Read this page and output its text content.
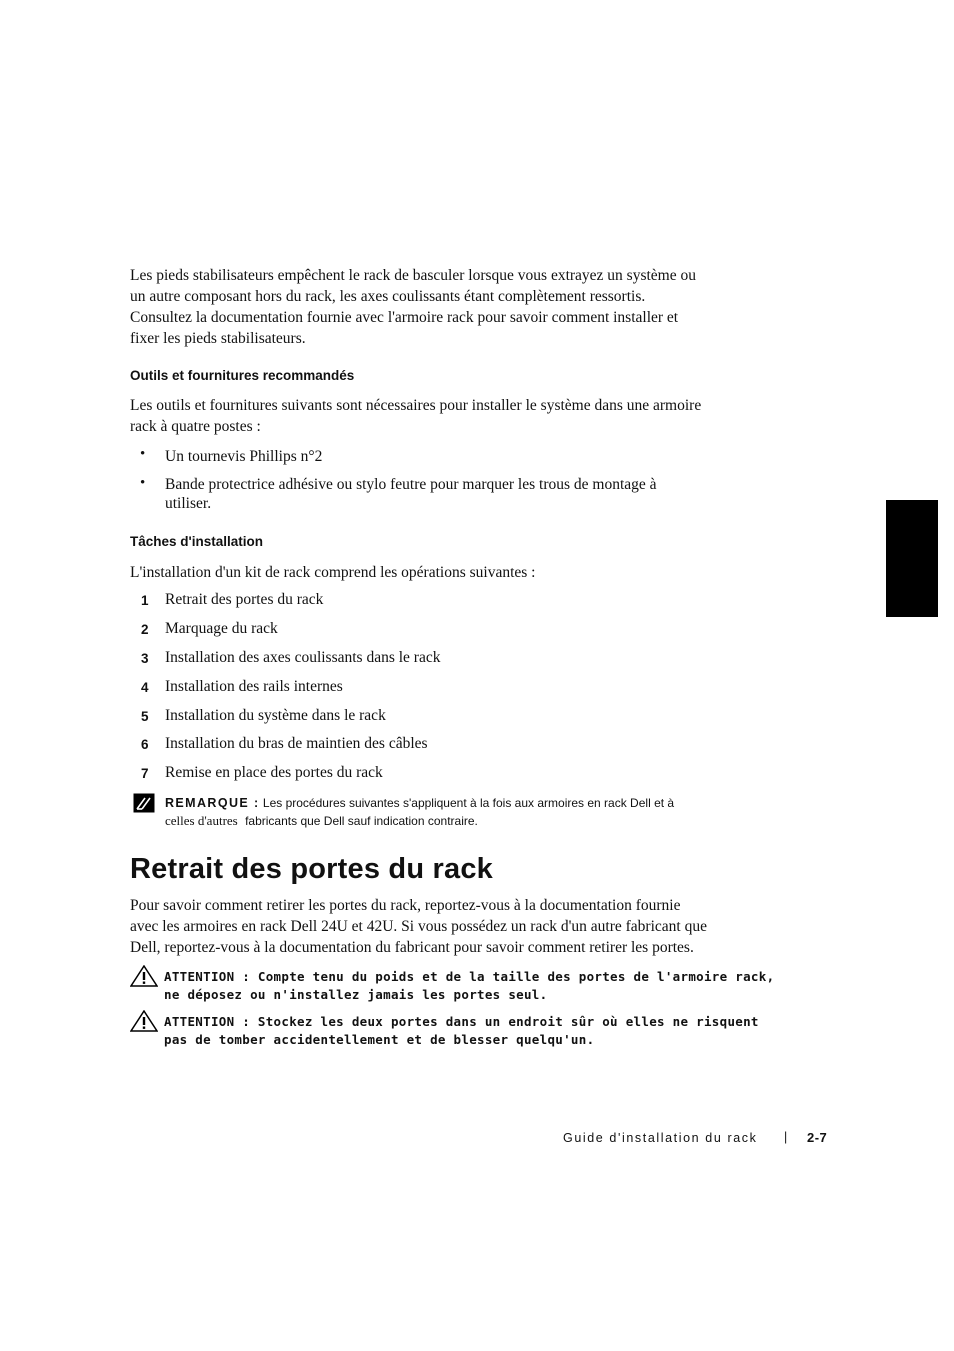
Les pieds stabilisateurs empêchent le rack de basculer lorsque vous extrayez un système ou
un autre composant hors du rack, les axes coulissants étant complètement ressortis.
Consultez la documentation fournie avec l'armoire rack pour savoir comment installer et
fixer les pieds stabilisateurs.
Outils et fournitures recommandés
Les outils et fournitures suivants sont nécessaires pour installer le système dans une armoire
rack à quatre postes :
• Un tournevis Phillips n°2
• Bande protectrice adhésive ou stylo feutre pour marquer les trous de montage à
utiliser.
Tâches d'installation
L'installation d'un kit de rack comprend les opérations suivantes :
1 Retrait des portes du rack
2 Marquage du rack
3 Installation des axes coulissants dans le rack
4 Installation des rails internes
5 Installation du système dans le rack
6 Installation du bras de maintien des câbles
7 Remise en place des portes du rack
REMARQUE : Les procédures suivantes s'appliquent à la fois aux armoires en rack Dell et à
celles d'autres fabricants que Dell sauf indication contraire.
Retrait des portes du rack
Pour savoir comment retirer les portes du rack, reportez-vous à la documentation fournie
avec les armoires en rack Dell 24U et 42U. Si vous possédez un rack d'un autre fabricant que
Dell, reportez-vous à la documentation du fabricant pour savoir comment retirer les portes.
ATTENTION : Compte tenu du poids et de la taille des portes de l'armoire rack,
ne déposez ou n'installez jamais les portes seul.
ATTENTION : Stockez les deux portes dans un endroit sûr où elles ne risquent
pas de tomber accidentellement et de blesser quelqu'un.
Guide d'installation du rack | 2-7
